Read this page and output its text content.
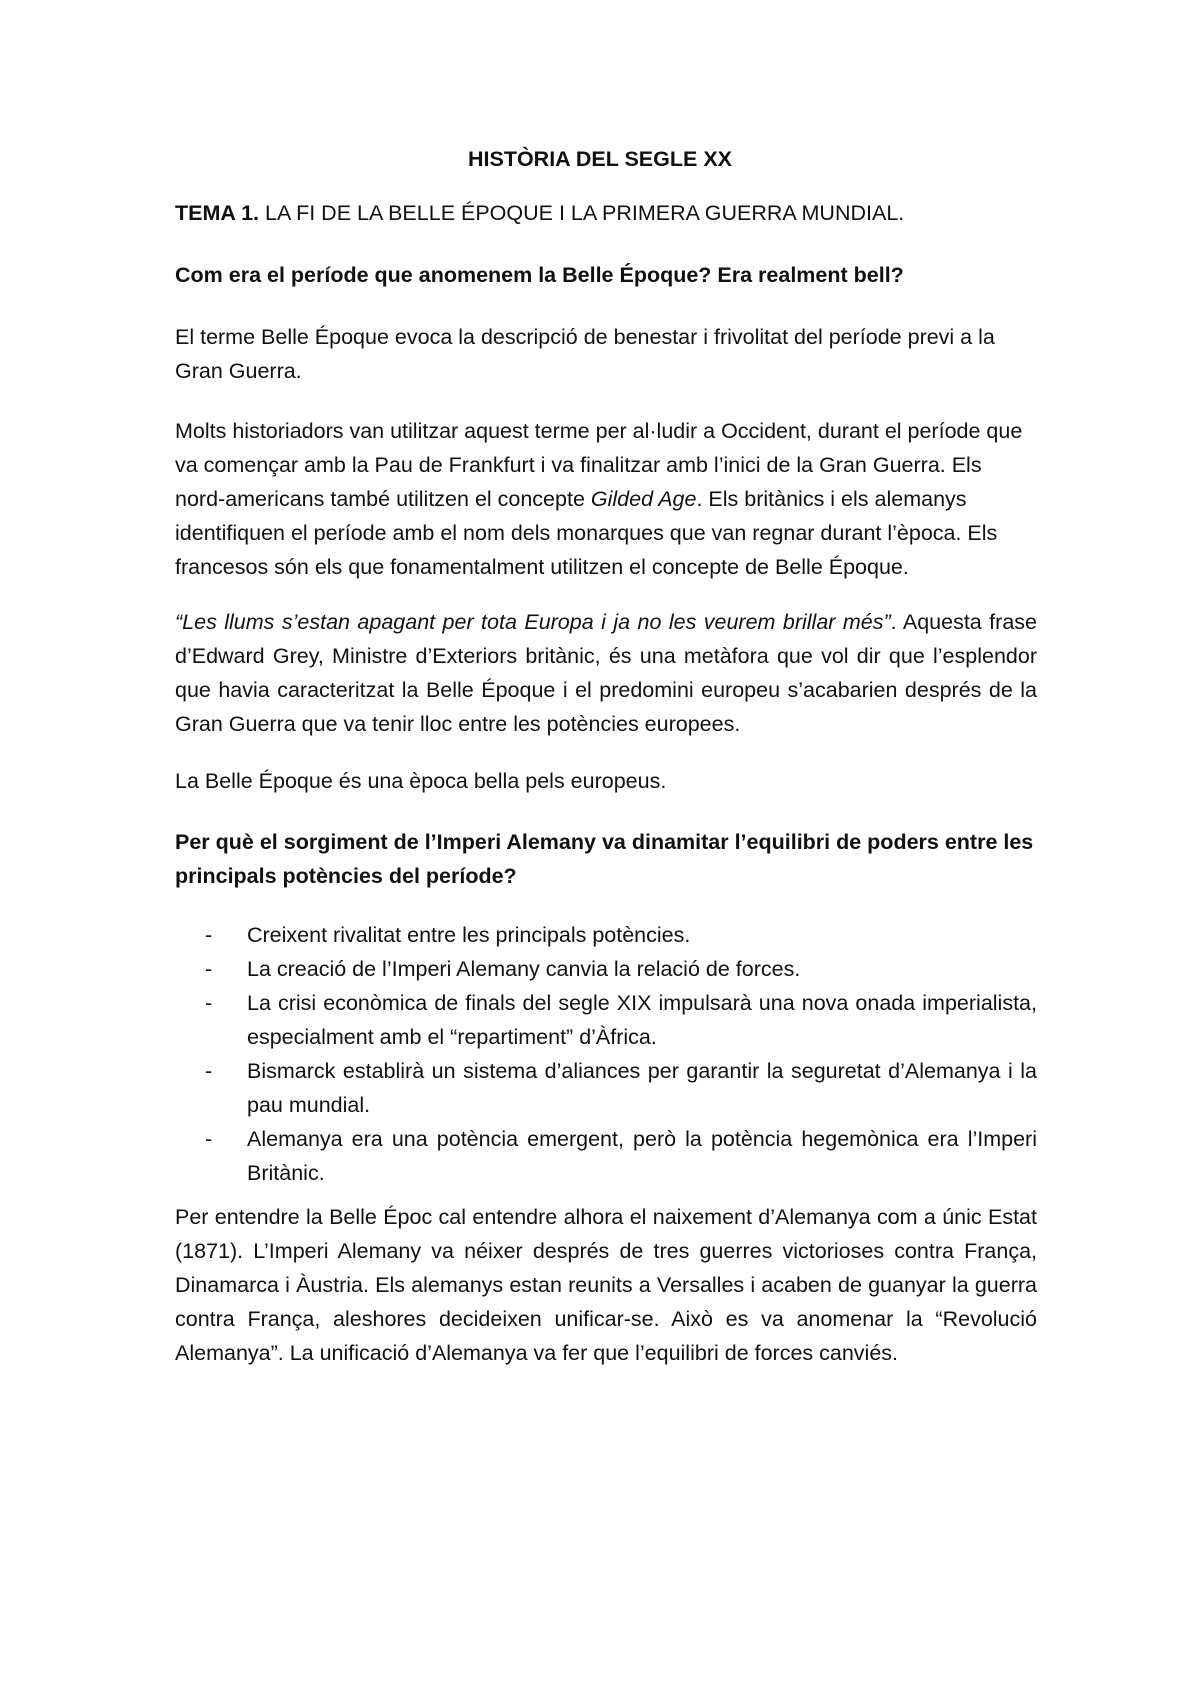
HISTÒRIA DEL SEGLE XX
TEMA 1. LA FI DE LA BELLE ÉPOQUE I LA PRIMERA GUERRA MUNDIAL.
Com era el període que anomenem la Belle Époque? Era realment bell?
El terme Belle Époque evoca la descripció de benestar i frivolitat del període previ a la Gran Guerra.
Molts historiadors van utilitzar aquest terme per al·ludir a Occident, durant el període que va començar amb la Pau de Frankfurt i va finalitzar amb l’inici de la Gran Guerra. Els nord-americans també utilitzen el concepte Gilded Age. Els britànics i els alemanys identifiquen el període amb el nom dels monarques que van regnar durant l’època. Els francesos són els que fonamentalment utilitzen el concepte de Belle Époque.
“Les llums s’estan apagant per tota Europa i ja no les veurem brillar més”. Aquesta frase d’Edward Grey, Ministre d’Exteriors britànic, és una metàfora que vol dir que l’esplendor que havia caracteritzat la Belle Époque i el predomini europeu s’acabarien després de la Gran Guerra que va tenir lloc entre les potències europees.
La Belle Époque és una època bella pels europeus.
Per què el sorgiment de l’Imperi Alemany va dinamitar l’equilibri de poders entre les principals potències del període?
- Creixent rivalitat entre les principals potències.
- La creació de l’Imperi Alemany canvia la relació de forces.
- La crisi econòmica de finals del segle XIX impulsarà una nova onada imperialista, especialment amb el “repartiment” d’Àfrica.
- Bismarck establirà un sistema d’aliances per garantir la seguretat d’Alemanya i la pau mundial.
- Alemanya era una potència emergent, però la potència hegemònica era l’Imperi Britànic.
Per entendre la Belle Époc cal entendre alhora el naixement d’Alemanya com a únic Estat (1871). L’Imperi Alemany va néixer després de tres guerres victorioses contra França, Dinamarca i Àustria. Els alemanys estan reunits a Versalles i acaben de guanyar la guerra contra França, aleshores decideixen unificar-se. Això es va anomenar la “Revolució Alemanya”. La unificació d’Alemanya va fer que l’equilibri de forces canviés.
